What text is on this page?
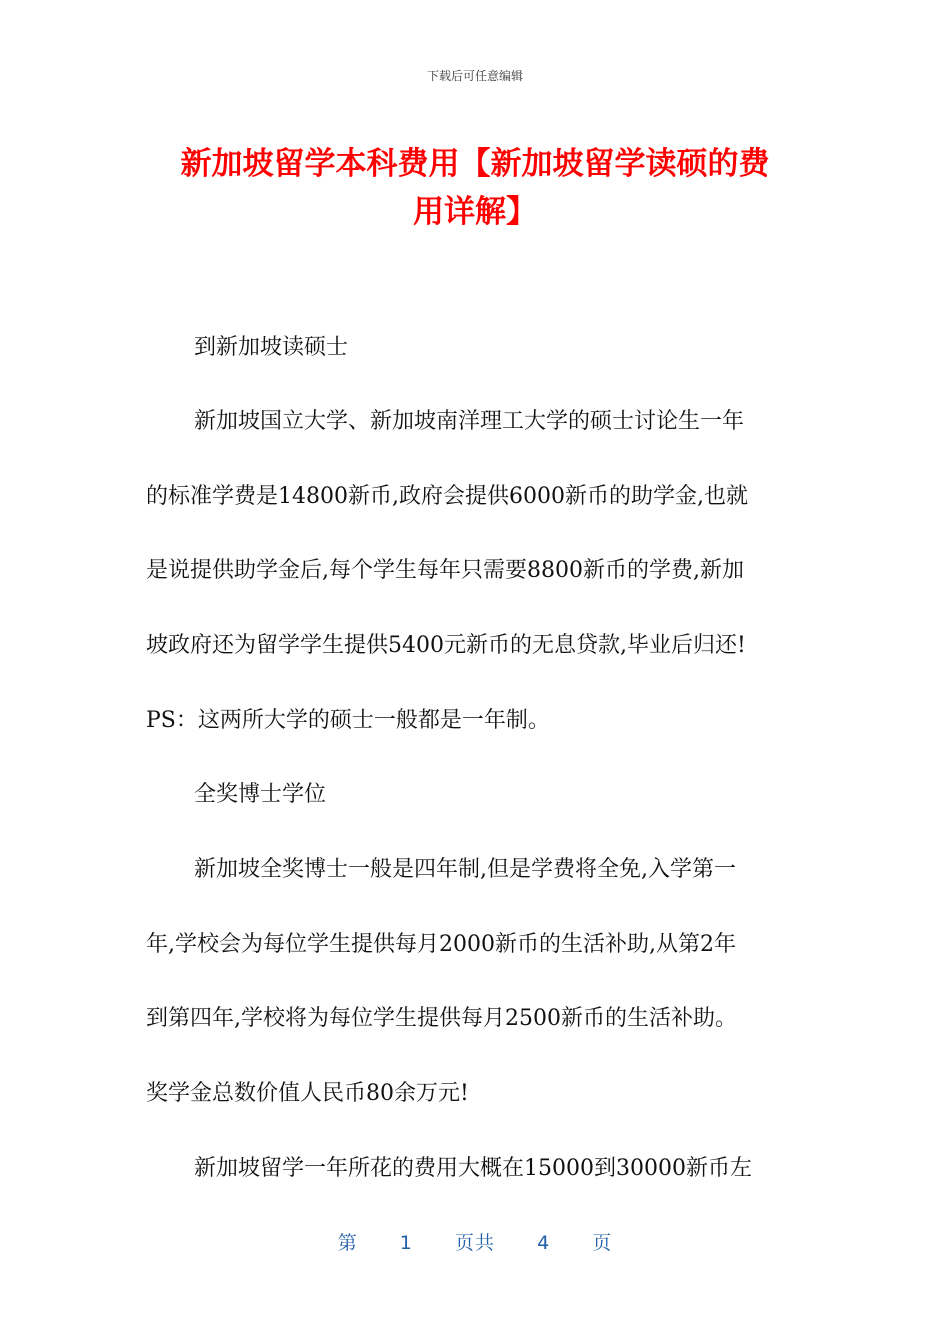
下载后可任意编辑
新加坡留学本科费用【新加坡留学读硕的费
用详解】
到新加坡读硕士
新加坡国立大学、新加坡南洋理工大学的硕士讨论生一年
的标准学费是14800新币,政府会提供6000新币的助学金,也就
是说提供助学金后,每个学生每年只需要8800新币的学费,新加
坡政府还为留学学生提供5400元新币的无息贷款,毕业后归还!
PS：这两所大学的硕士一般都是一年制。
全奖博士学位
新加坡全奖博士一般是四年制,但是学费将全免,入学第一
年,学校会为每位学生提供每月2000新币的生活补助,从第2年
到第四年,学校将为每位学生提供每月2500新币的生活补助。
奖学金总数价值人民币80余万元!
新加坡留学一年所花的费用大概在15000到30000新币左
第 1 页共 4 页
